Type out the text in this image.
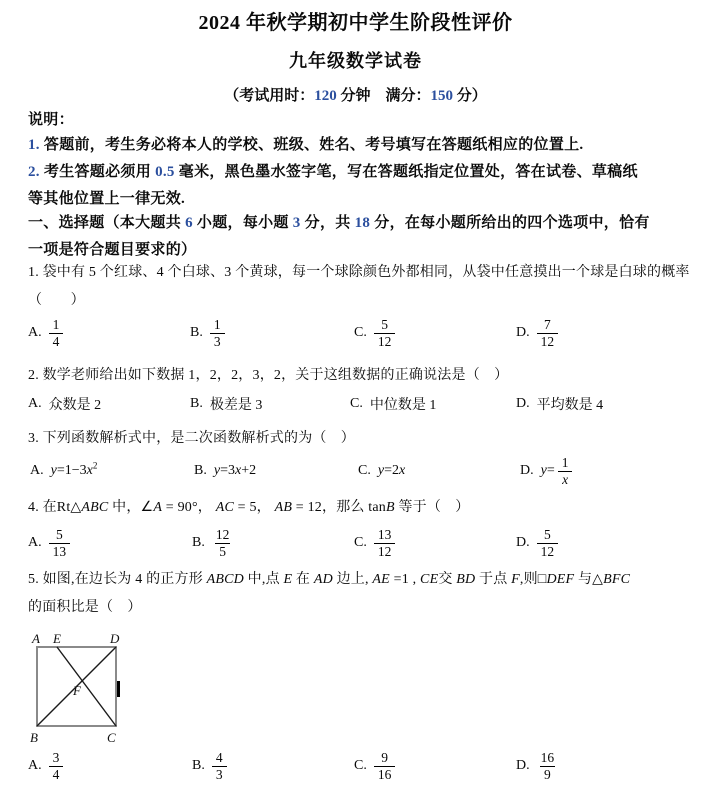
2024 年秋学期初中学生阶段性评价
九年级数学试卷
（考试用时：120 分钟　满分：150 分）
说明：
1. 答题前，考生务必将本人的学校、班级、姓名、考号填写在答题纸相应的位置上.
2. 考生答题必须用 0.5 毫米，黑色墨水签字笔，写在答题纸指定位置处，答在试卷、草稿纸
等其他位置上一律无效.
一、选择题（本大题共 6 小题，每小题 3 分，共 18 分，在每小题所给出的四个选项中，恰有
一项是符合题目要求的）
1. 袋中有 5 个红球、4 个白球、3 个黄球，每一个球除颜色外都相同，从袋中任意摸出一个球是白球的概率
（　　）
A. $\frac{1}{4}$	B. $\frac{1}{3}$	C. $\frac{5}{12}$	D. $\frac{7}{12}$
2. 数学老师给出如下数据 1，2，2，3，2，关于这组数据的正确说法是（　）
A. 众数是 2	B. 极差是 3	C. 中位数是 1	D. 平均数是 4
3. 下列函数解析式中，是二次函数解析式的为（　）
A. $y=1-3x^2$	B. y=3x+2	C. y=2x	D. $y= \frac{1}{x}$
4. 在Rt△ABC 中，∠A = 90°， AC = 5， AB = 12，那么 tanB 等于（　）
A. $\frac{5}{13}$	B. $\frac{12}{5}$	C. $\frac{13}{12}$	D. $\frac{5}{12}$
5. 如图,在边长为 4 的正方形 ABCD 中,点 E 在 AD 边上, AE =1 , CE交 BD 于点 F,则□DEF 与△BFC
的面积比是（　）
A E	D
B	C
F
A. $\frac{3}{4}$	B. $\frac{4}{3}$	C. $\frac{9}{16}$	D. $\frac{16}{9}$
